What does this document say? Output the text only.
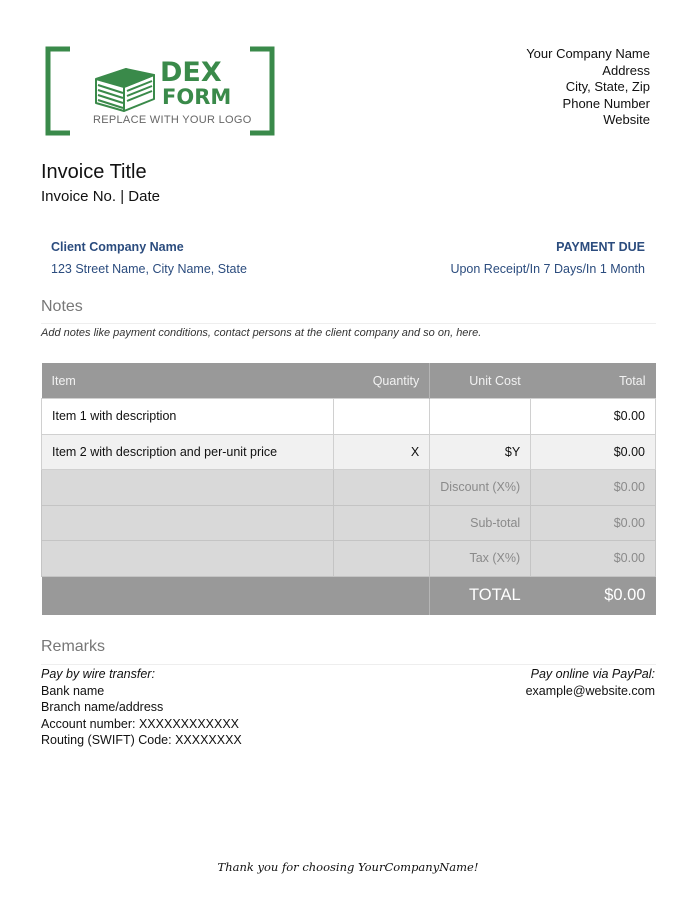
DEX
FORM
REPLACE WITH YOUR LOGO
Your Company Name
Address
City, State, Zip
Phone Number
Website
Invoice Title
Invoice No. | Date
Client Company Name
123 Street Name, City Name, State
PAYMENT DUE
Upon Receipt/In 7 Days/In 1 Month
Notes
Add notes like payment conditions, contact persons at the client company and so on, here.
Item	Quantity	Unit Cost	Total
Item 1 with description			$0.00
Item 2 with description and per-unit price	X	$Y	$0.00
		Discount (X%)	$0.00
		Sub-total	$0.00
		Tax (X%)	$0.00
		TOTAL	$0.00
Remarks
Pay by wire transfer:
Bank name
Branch name/address
Account number: XXXXXXXXXXXX
Routing (SWIFT) Code: XXXXXXXX
Pay online via PayPal:
example@website.com
Thank you for choosing YourCompanyName!
